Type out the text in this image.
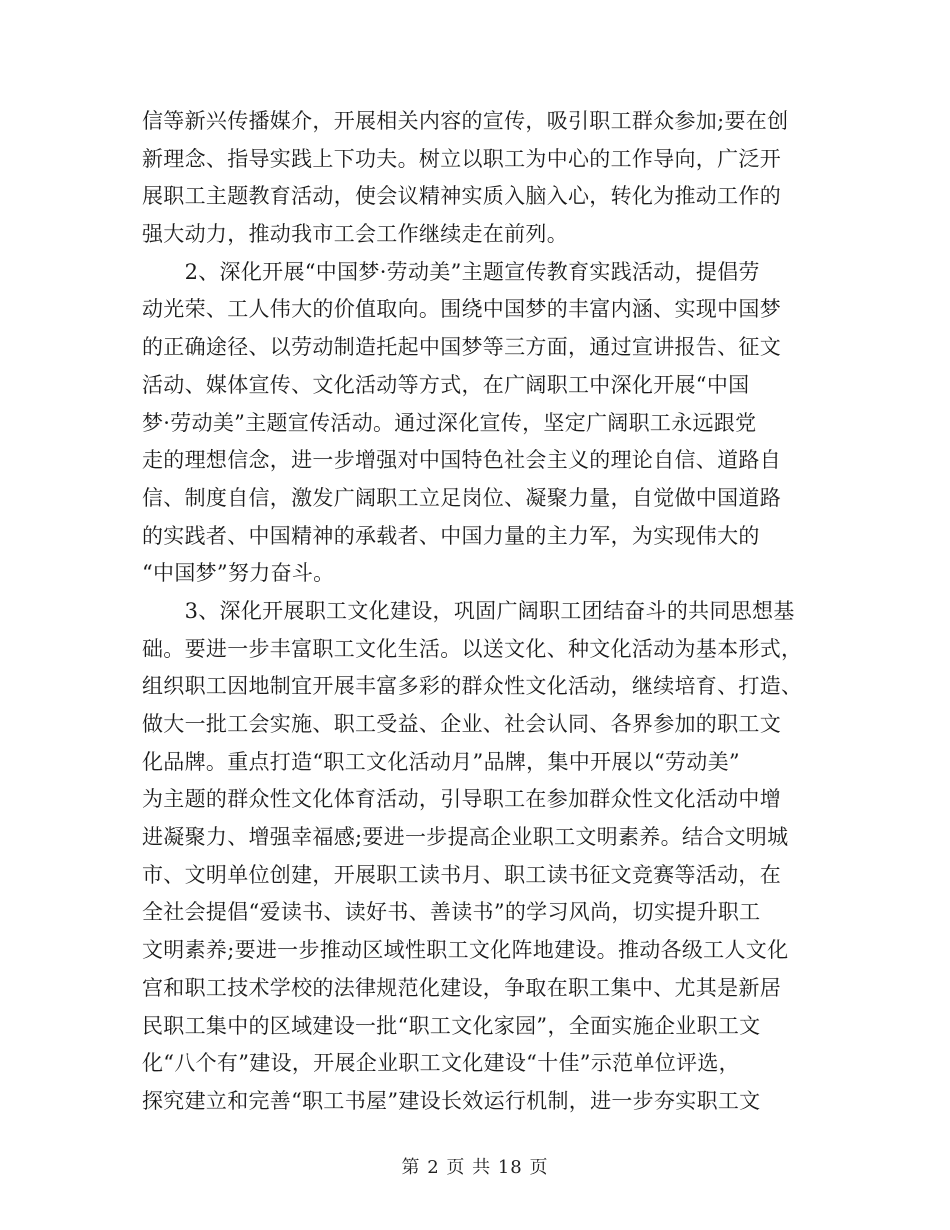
信等新兴传播媒介，开展相关内容的宣传，吸引职工群众参加;要在创
新理念、指导实践上下功夫。树立以职工为中心的工作导向，广泛开
展职工主题教育活动，使会议精神实质入脑入心，转化为推动工作的
强大动力，推动我市工会工作继续走在前列。
　　2、深化开展“中国梦·劳动美”主题宣传教育实践活动，提倡劳
动光荣、工人伟大的价值取向。围绕中国梦的丰富内涵、实现中国梦
的正确途径、以劳动制造托起中国梦等三方面，通过宣讲报告、征文
活动、媒体宣传、文化活动等方式，在广阔职工中深化开展“中国
梦·劳动美”主题宣传活动。通过深化宣传，坚定广阔职工永远跟党
走的理想信念，进一步增强对中国特色社会主义的理论自信、道路自
信、制度自信，激发广阔职工立足岗位、凝聚力量，自觉做中国道路
的实践者、中国精神的承载者、中国力量的主力军，为实现伟大的
“中国梦”努力奋斗。
　　3、深化开展职工文化建设，巩固广阔职工团结奋斗的共同思想基
础。要进一步丰富职工文化生活。以送文化、种文化活动为基本形式，
组织职工因地制宜开展丰富多彩的群众性文化活动，继续培育、打造、
做大一批工会实施、职工受益、企业、社会认同、各界参加的职工文
化品牌。重点打造“职工文化活动月”品牌，集中开展以“劳动美”
为主题的群众性文化体育活动，引导职工在参加群众性文化活动中增
进凝聚力、增强幸福感;要进一步提高企业职工文明素养。结合文明城
市、文明单位创建，开展职工读书月、职工读书征文竞赛等活动，在
全社会提倡“爱读书、读好书、善读书”的学习风尚，切实提升职工
文明素养;要进一步推动区域性职工文化阵地建设。推动各级工人文化
宫和职工技术学校的法律规范化建设，争取在职工集中、尤其是新居
民职工集中的区域建设一批“职工文化家园”，全面实施企业职工文
化“八个有”建设，开展企业职工文化建设“十佳”示范单位评选，
探究建立和完善“职工书屋”建设长效运行机制，进一步夯实职工文
第 2 页 共 18 页
